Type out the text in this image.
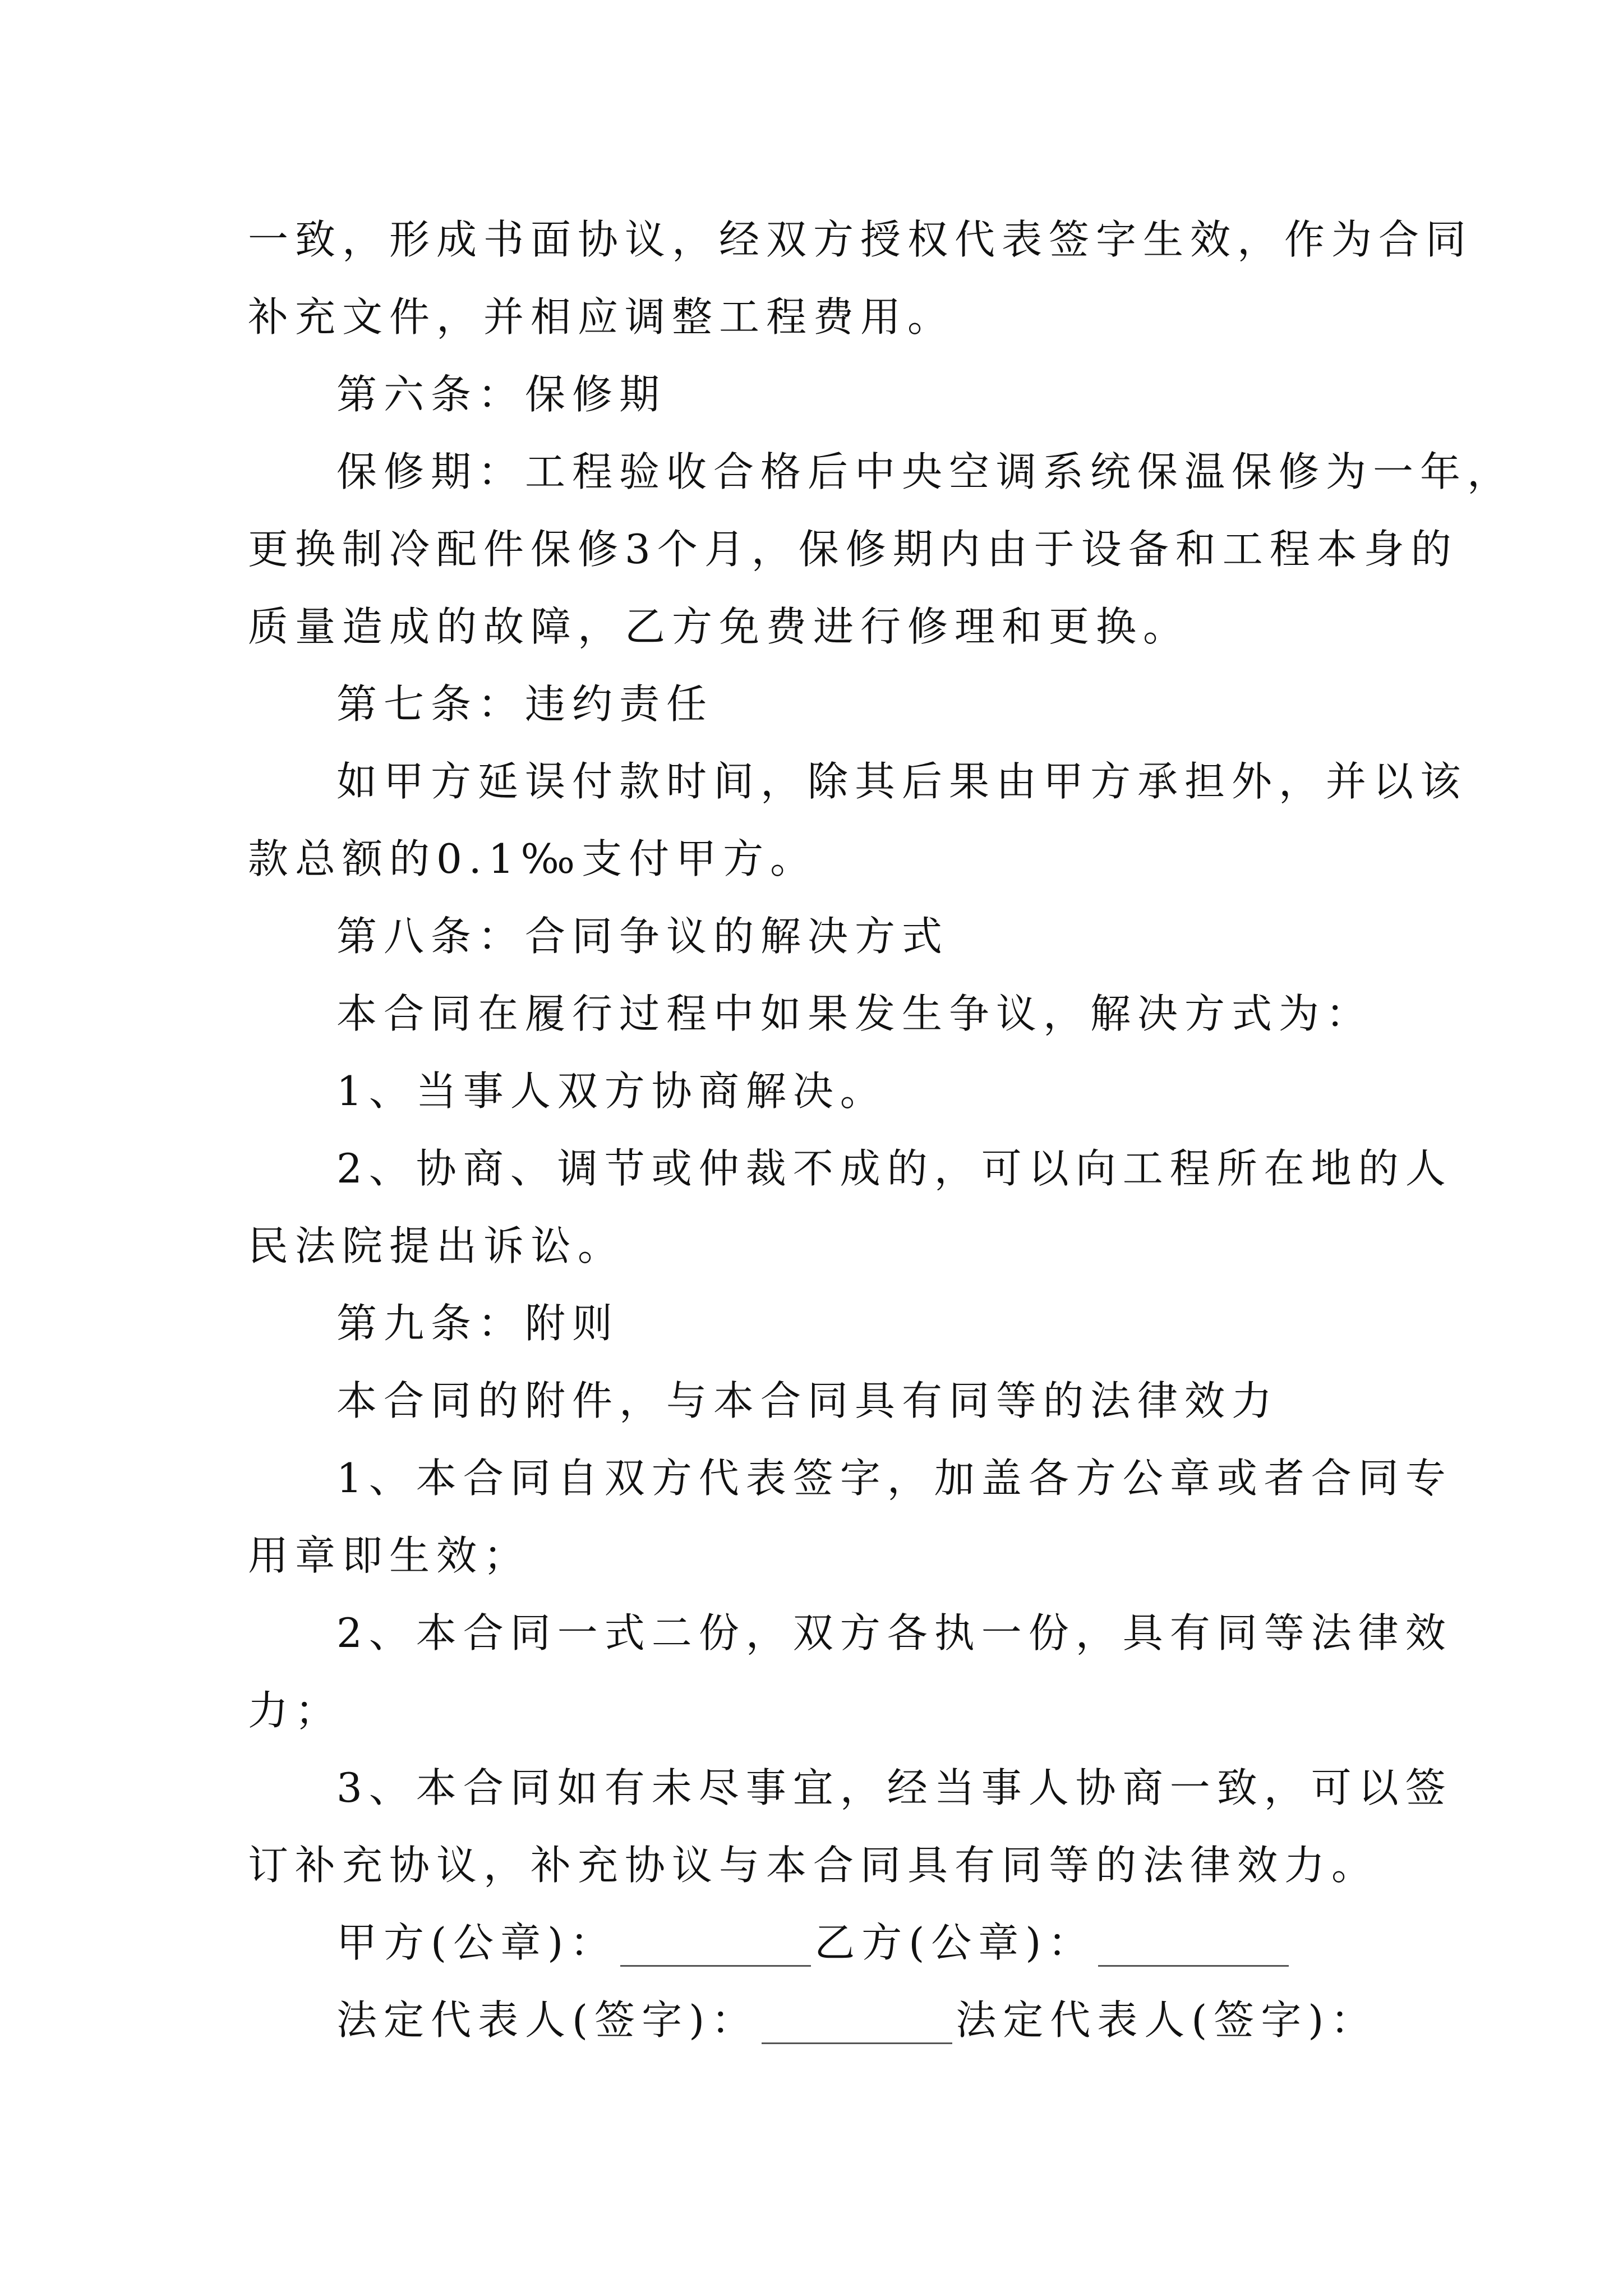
一致，形成书面协议，经双方授权代表签字生效，作为合同
补充文件，并相应调整工程费用。
第六条：保修期
保修期：工程验收合格后中央空调系统保温保修为一年，
更换制冷配件保修3个月，保修期内由于设备和工程本身的
质量造成的故障，乙方免费进行修理和更换。
第七条：违约责任
如甲方延误付款时间，除其后果由甲方承担外，并以该
款总额的0.1‰支付甲方。
第八条：合同争议的解决方式
本合同在履行过程中如果发生争议，解决方式为：
1、当事人双方协商解决。
2、协商、调节或仲裁不成的，可以向工程所在地的人
民法院提出诉讼。
第九条：附则
本合同的附件，与本合同具有同等的法律效力
1、本合同自双方代表签字，加盖各方公章或者合同专
用章即生效；
2、本合同一式二份，双方各执一份，具有同等法律效
力；
3、本合同如有未尽事宜，经当事人协商一致，可以签
订补充协议，补充协议与本合同具有同等的法律效力。
甲方(公章)：	乙方(公章)：
法定代表人(签字)：	法定代表人(签字)：
